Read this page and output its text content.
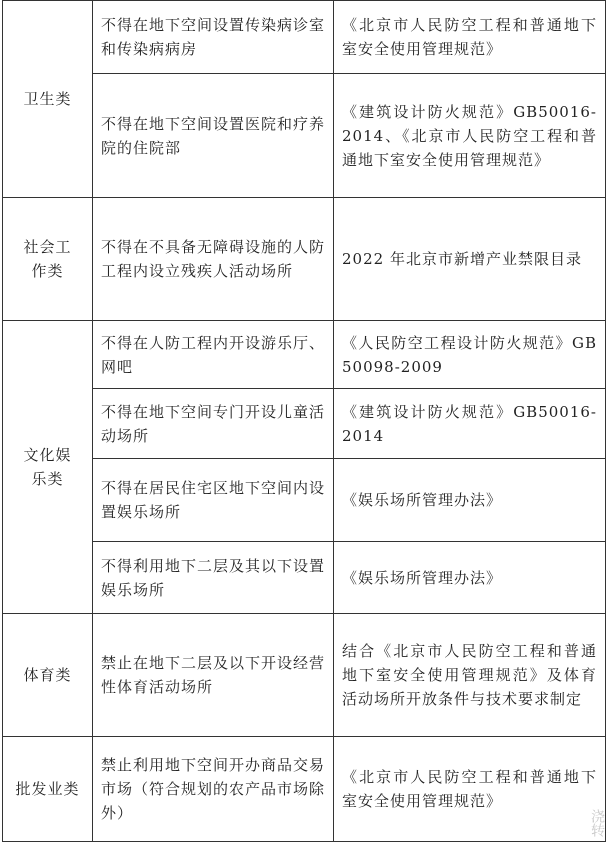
卫生类	不得在地下空间设置传染病诊室和传染病病房	《北京市人民防空工程和普通地下室安全使用管理规范》
	不得在地下空间设置医院和疗养院的住院部	《建筑设计防火规范》GB50016-2014、《北京市人民防空工程和普通地下室安全使用管理规范》

社会工作类	不得在不具备无障碍设施的人防工程内设立残疾人活动场所	2022 年北京市新增产业禁限目录

文化娱乐类	不得在人防工程内开设游乐厅、网吧	《人民防空工程设计防火规范》GB 50098-2009
	不得在地下空间专门开设儿童活动场所	《建筑设计防火规范》GB50016-2014
	不得在居民住宅区地下空间内设置娱乐场所	《娱乐场所管理办法》
	不得利用地下二层及其以下设置娱乐场所	《娱乐场所管理办法》
体育类	禁止在地下二层及以下开设经营性体育活动场所	结合《北京市人民防空工程和普通地下室安全使用管理规范》及体育活动场所开放条件与技术要求制定
批发业类	禁止利用地下空间开办商品交易市场（符合规划的农产品市场除外）	《北京市人民防空工程和普通地下室安全使用管理规范》
浇转
